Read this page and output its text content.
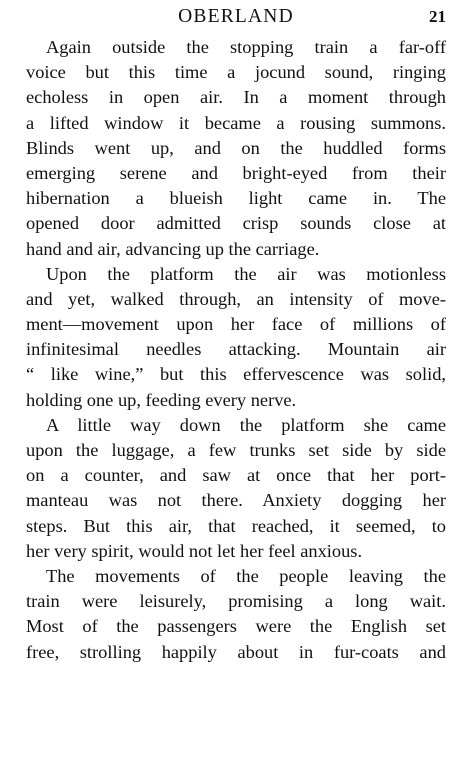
OBERLAND	21
Again outside the stopping train a far-off
voice but this time a jocund sound, ringing
echoless in open air. In a moment through
a lifted window it became a rousing summons.
Blinds went up, and on the huddled forms
emerging serene and bright-eyed from their
hibernation a blueish light came in. The
opened door admitted crisp sounds close at
hand and air, advancing up the carriage.
Upon the platform the air was motionless
and yet, walked through, an intensity of move-
ment—movement upon her face of millions of
infinitesimal needles attacking. Mountain air
“ like wine,” but this effervescence was solid,
holding one up, feeding every nerve.
A little way down the platform she came
upon the luggage, a few trunks set side by side
on a counter, and saw at once that her port-
manteau was not there. Anxiety dogging her
steps. But this air, that reached, it seemed, to
her very spirit, would not let her feel anxious.
The movements of the people leaving the
train were leisurely, promising a long wait.
Most of the passengers were the English set
free, strolling happily about in fur-coats and
